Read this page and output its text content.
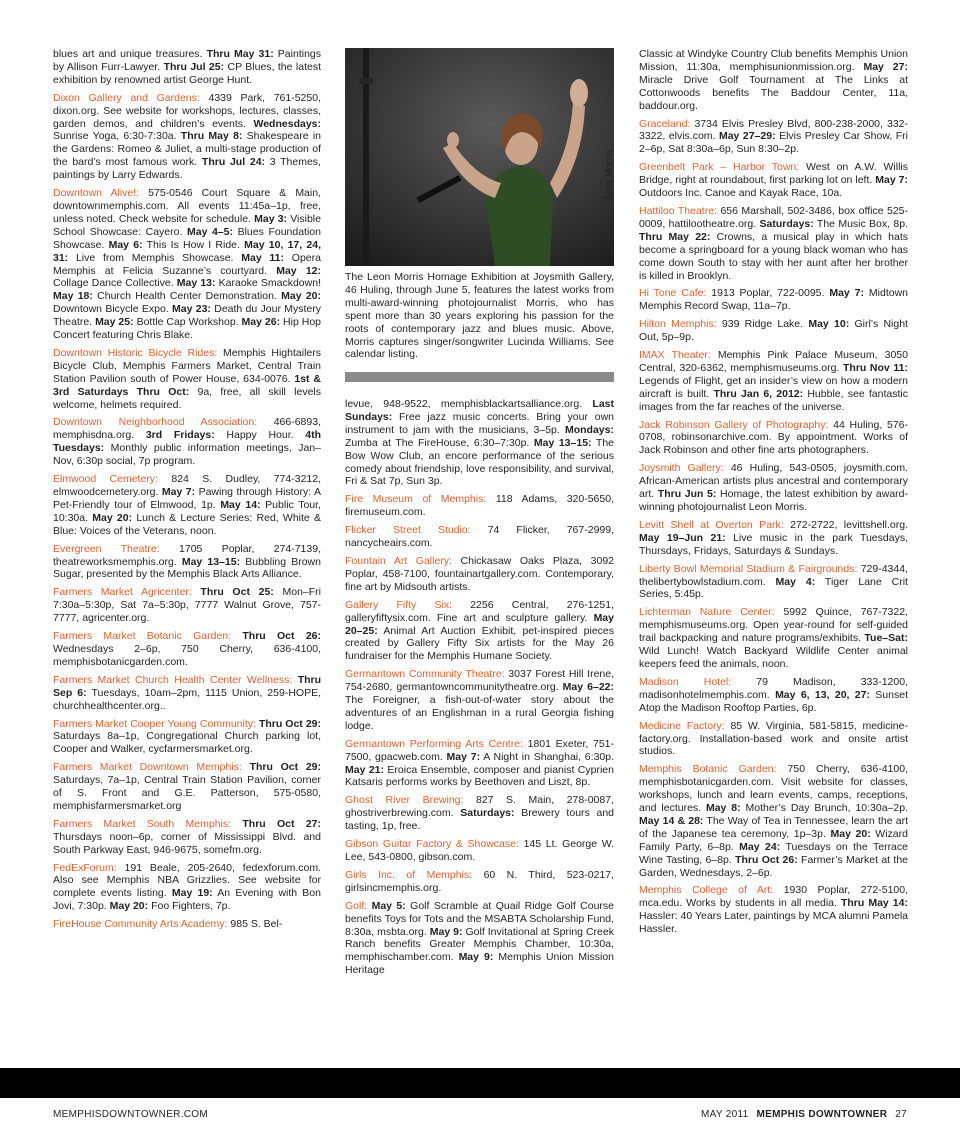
blues art and unique treasures. Thru May 31: Paintings by Allison Furr-Lawyer. Thru Jul 25: CP Blues, the latest exhibition by renowned artist George Hunt.
Dixon Gallery and Gardens: 4339 Park, 761-5250, dixon.org. See website for workshops, lectures, classes, garden demos, and children’s events. Wednesdays: Sunrise Yoga, 6:30-7:30a. Thru May 8: Shakespeare in the Gardens: Romeo & Juliet, a multi-stage production of the bard’s most famous work. Thru Jul 24: 3 Themes, paintings by Larry Edwards.
Downtown Alive!: 575-0546 Court Square & Main, downtownmemphis.com. All events 11:45a–1p, free, unless noted. Check website for schedule. May 3: Visible School Showcase: Cayero. May 4–5: Blues Foundation Showcase. May 6: This Is How I Ride. May 10, 17, 24, 31: Live from Memphis Showcase. May 11: Opera Memphis at Felicia Suzanne’s courtyard. May 12: Collage Dance Collective. May 13: Karaoke Smackdown! May 18: Church Health Center Demonstration. May 20: Downtown Bicycle Expo. May 23: Death du Jour Mystery Theatre. May 25: Bottle Cap Workshop. May 26: Hip Hop Concert featuring Chris Blake.
Downtown Historic Bicycle Rides: Memphis Hightailers Bicycle Club, Memphis Farmers Market, Central Train Station Pavilion south of Power House, 634-0076. 1st & 3rd Saturdays Thru Oct: 9a, free, all skill levels welcome, helmets required.
Downtown Neighborhood Association: 466-6893, memphisdna.org. 3rd Fridays: Happy Hour. 4th Tuesdays: Monthly public information meetings, Jan–Nov, 6:30p social, 7p program.
Elmwood Cemetery: 824 S. Dudley, 774-3212, elmwoodcemetery.org. May 7: Pawing through History: A Pet-Friendly tour of Elmwood, 1p. May 14: Public Tour, 10:30a. May 20: Lunch & Lecture Series: Red, White & Blue: Voices of the Veterans, noon.
Evergreen Theatre: 1705 Poplar, 274-7139, theatreworksmemphis.org. May 13–15: Bubbling Brown Sugar, presented by the Memphis Black Arts Alliance.
Farmers Market Agricenter: Thru Oct 25: Mon–Fri 7:30a–5:30p, Sat 7a–5:30p, 7777 Walnut Grove, 757-7777, agricenter.org.
Farmers Market Botanic Garden: Thru Oct 26: Wednesdays 2–6p, 750 Cherry, 636-4100, memphisbotanicgarden.com.
Farmers Market Church Health Center Wellness: Thru Sep 6: Tuesdays, 10am–2pm, 1115 Union, 259-HOPE, churchhealthcenter.org..
Farmers Market Cooper Young Community: Thru Oct 29: Saturdays 8a–1p, Congregational Church parking lot, Cooper and Walker, cycfarmersmarket.org.
Farmers Market Downtown Memphis: Thru Oct 29: Saturdays, 7a–1p, Central Train Station Pavilion, corner of S. Front and G.E. Patterson, 575-0580, memphisfarmersmarket.org
Farmers Market South Memphis: Thru Oct 27: Thursdays noon–6p, corner of Mississippi Blvd. and South Parkway East, 946-9675, somefm.org.
FedExForum: 191 Beale, 205-2640, fedexforum.com. Also see Memphis NBA Grizzlies. See website for complete events listing. May 19: An Evening with Bon Jovi, 7:30p. May 20: Foo Fighters, 7p.
FireHouse Community Arts Academy: 985 S. Bel-
Leon Morris
The Leon Morris Homage Exhibition at Joysmith Gallery, 46 Huling, through June 5, features the latest works from multi-award-winning photojournalist Morris, who has spent more than 30 years exploring his passion for the roots of contemporary jazz and blues music. Above, Morris captures singer/songwriter Lucinda Williams. See calendar listing.
levue, 948-9522, memphisblackartsalliance.org. Last Sundays: Free jazz music concerts. Bring your own instrument to jam with the musicians, 3–5p. Mondays: Zumba at The FireHouse, 6:30–7:30p. May 13–15: The Bow Wow Club, an encore performance of the serious comedy about friendship, love responsibility, and survival, Fri & Sat 7p, Sun 3p.
Fire Museum of Memphis: 118 Adams, 320-5650, firemuseum.com.
Flicker Street Studio: 74 Flicker, 767-2999, nancycheairs.com.
Fountain Art Gallery: Chickasaw Oaks Plaza, 3092 Poplar, 458-7100, fountainartgallery.com. Contemporary, fine art by Midsouth artists.
Gallery Fifty Six: 2256 Central, 276-1251, galleryfiftysix.com. Fine art and sculpture gallery. May 20–25: Animal Art Auction Exhibit, pet-inspired pieces created by Gallery Fifty Six artists for the May 26 fundraiser for the Memphis Humane Society.
Germantown Community Theatre: 3037 Forest Hill Irene, 754-2680, germantowncommunitytheatre.org. May 6–22: The Foreigner, a fish-out-of-water story about the adventures of an Englishman in a rural Georgia fishing lodge.
Germantown Performing Arts Centre: 1801 Exeter, 751-7500, gpacweb.com. May 7: A Night in Shanghai, 6:30p. May 21: Eroica Ensemble, composer and pianist Cyprien Katsaris performs works by Beethoven and Liszt, 8p.
Ghost River Brewing: 827 S. Main, 278-0087, ghostriverbrewing.com. Saturdays: Brewery tours and tasting, 1p, free.
Gibson Guitar Factory & Showcase: 145 Lt. George W. Lee, 543-0800, gibson.com.
Girls Inc. of Memphis: 60 N. Third, 523-0217, girlsincmemphis.org.
Golf: May 5: Golf Scramble at Quail Ridge Golf Course benefits Toys for Tots and the MSABTA Scholarship Fund, 8:30a, msbta.org. May 9: Golf Invitational at Spring Creek Ranch benefits Greater Memphis Chamber, 10:30a, memphischamber.com. May 9: Memphis Union Mission Heritage
Classic at Windyke Country Club benefits Memphis Union Mission, 11:30a, memphisunionmission.org. May 27: Miracle Drive Golf Tournament at The Links at Cottonwoods benefits The Baddour Center, 11a, baddour.org.
Graceland: 3734 Elvis Presley Blvd, 800-238-2000, 332-3322, elvis.com. May 27–29: Elvis Presley Car Show, Fri 2–6p, Sat 8:30a–6p, Sun 8:30–2p.
Greenbelt Park – Harbor Town: West on A.W. Willis Bridge, right at roundabout, first parking lot on left. May 7: Outdoors Inc. Canoe and Kayak Race, 10a.
Hattiloo Theatre: 656 Marshall, 502-3486, box office 525-0009, hattilootheatre.org. Saturdays: The Music Box, 8p. Thru May 22: Crowns, a musical play in which hats become a springboard for a young black woman who has come down South to stay with her aunt after her brother is killed in Brooklyn.
Hi Tone Cafe: 1913 Poplar, 722-0095. May 7: Midtown Memphis Record Swap, 11a–7p.
Hilton Memphis: 939 Ridge Lake. May 10: Girl’s Night Out, 5p–9p.
IMAX Theater: Memphis Pink Palace Museum, 3050 Central, 320-6362, memphismuseums.org. Thru Nov 11: Legends of Flight, get an insider’s view on how a modern aircraft is built. Thru Jan 6, 2012: Hubble, see fantastic images from the far reaches of the universe.
Jack Robinson Gallery of Photography: 44 Huling, 576-0708, robinsonarchive.com. By appointment. Works of Jack Robinson and other fine arts photographers.
Joysmith Gallery: 46 Huling, 543-0505, joysmith.com. African-American artists plus ancestral and contemporary art. Thru Jun 5: Homage, the latest exhibition by award-winning photojournalist Leon Morris.
Levitt Shell at Overton Park: 272-2722, levittshell.org. May 19–Jun 21: Live music in the park Tuesdays, Thursdays, Fridays, Saturdays & Sundays.
Liberty Bowl Memorial Stadium & Fairgrounds: 729-4344, thelibertybowlstadium.com. May 4: Tiger Lane Crit Series, 5:45p.
Lichterman Nature Center: 5992 Quince, 767-7322, memphismuseums.org. Open year-round for self-guided trail backpacking and nature programs/exhibits. Tue–Sat: Wild Lunch! Watch Backyard Wildlife Center animal keepers feed the animals, noon.
Madison Hotel: 79 Madison, 333-1200, madisonhotelmemphis.com. May 6, 13, 20, 27: Sunset Atop the Madison Rooftop Parties, 6p.
Medicine Factory: 85 W. Virginia, 581-5815, medicine-factory.org. Installation-based work and onsite artist studios.
Memphis Botanic Garden: 750 Cherry, 636-4100, memphisbotanicgarden.com. Visit website for classes, workshops, lunch and learn events, camps, receptions, and lectures. May 8: Mother’s Day Brunch, 10:30a–2p. May 14 & 28: The Way of Tea in Tennessee, learn the art of the Japanese tea ceremony, 1p–3p. May 20: Wizard Family Party, 6–8p. May 24: Tuesdays on the Terrace Wine Tasting, 6–8p. Thru Oct 26: Farmer’s Market at the Garden, Wednesdays, 2–6p.
Memphis College of Art: 1930 Poplar, 272-5100, mca.edu. Works by students in all media. Thru May 14: Hassler: 40 Years Later, paintings by MCA alumni Pamela Hassler.
MEMPHISDOWNTOWNER.COM	MAY 2011 MEMPHIS DOWNTOWNER 27
